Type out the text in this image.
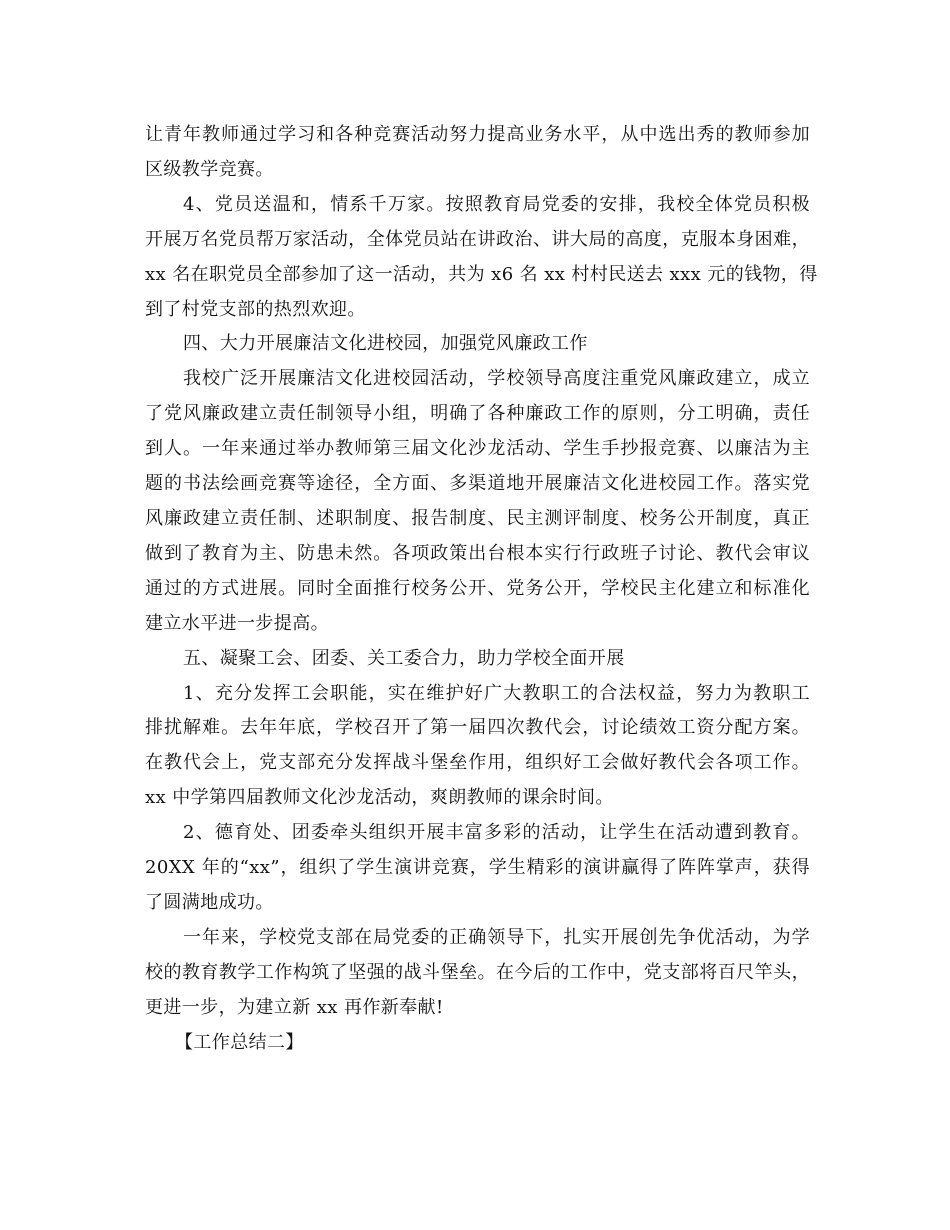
让青年教师通过学习和各种竞赛活动努力提高业务水平，从中选出秀的教师参加
区级教学竞赛。

4、党员送温和，情系千万家。按照教育局党委的安排，我校全体党员积极
开展万名党员帮万家活动，全体党员站在讲政治、讲大局的高度，克服本身困难，
xx 名在职党员全部参加了这一活动，共为 x6 名 xx 村村民送去 xxx 元的钱物，得
到了村党支部的热烈欢迎。

四、大力开展廉洁文化进校园，加强党风廉政工作

我校广泛开展廉洁文化进校园活动，学校领导高度注重党风廉政建立，成立
了党风廉政建立责任制领导小组，明确了各种廉政工作的原则，分工明确，责任
到人。一年来通过举办教师第三届文化沙龙活动、学生手抄报竞赛、以廉洁为主
题的书法绘画竞赛等途径，全方面、多渠道地开展廉洁文化进校园工作。落实党
风廉政建立责任制、述职制度、报告制度、民主测评制度、校务公开制度，真正
做到了教育为主、防患未然。各项政策出台根本实行行政班子讨论、教代会审议
通过的方式进展。同时全面推行校务公开、党务公开，学校民主化建立和标准化
建立水平进一步提高。

五、凝聚工会、团委、关工委合力，助力学校全面开展

1、充分发挥工会职能，实在维护好广大教职工的合法权益，努力为教职工
排扰解难。去年年底，学校召开了第一届四次教代会，讨论绩效工资分配方案。
在教代会上，党支部充分发挥战斗堡垒作用，组织好工会做好教代会各项工作。
xx 中学第四届教师文化沙龙活动，爽朗教师的课余时间。

2、德育处、团委牵头组织开展丰富多彩的活动，让学生在活动遭到教育。
20XX 年的“xx”，组织了学生演讲竞赛，学生精彩的演讲赢得了阵阵掌声，获得
了圆满地成功。

一年来，学校党支部在局党委的正确领导下，扎实开展创先争优活动，为学
校的教育教学工作构筑了坚强的战斗堡垒。在今后的工作中，党支部将百尺竿头，
更进一步，为建立新 xx 再作新奉献!

【工作总结二】
